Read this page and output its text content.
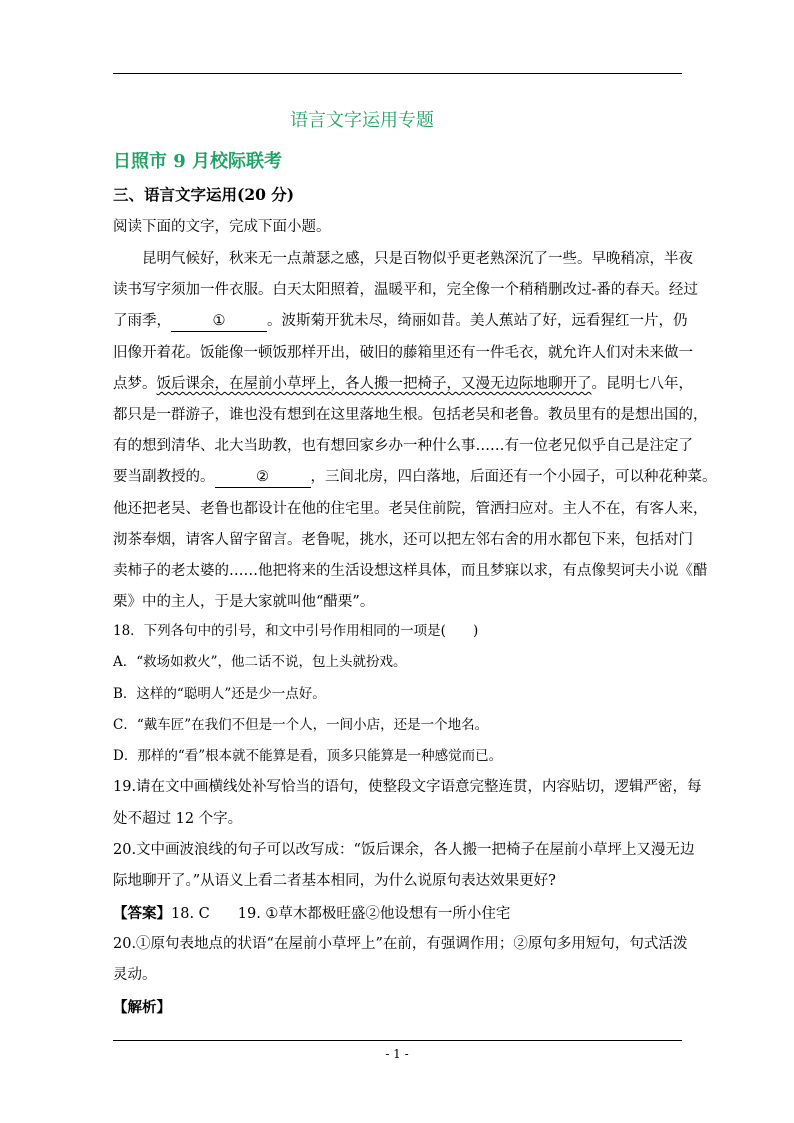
语言文字运用专题
日照市 9 月校际联考
三、语言文字运用(20 分)
阅读下面的文字，完成下面小题。
昆明气候好，秋来无一点萧瑟之感，只是百物似乎更老熟深沉了一些。早晚稍凉，半夜
读书写字须加一件衣服。白天太阳照着，温暖平和，完全像一个稍稍删改过-番的春天。经过
了雨季，	①	。波斯菊开犹未尽，绮丽如昔。美人蕉站了好，远看猩红一片，仍
旧像开着花。饭能像一顿饭那样开出，破旧的藤箱里还有一件毛衣，就允许人们对未来做一
点梦。饭后课余，在屋前小草坪上，各人搬一把椅子，又漫无边际地聊开了。昆明七八年，
都只是一群游子，谁也没有想到在这里落地生根。包括老吴和老鲁。教员里有的是想出国的，
有的想到清华、北大当助教，也有想回家乡办一种什么事……有一位老兄似乎自己是注定了
要当副教授的。	②	，三间北房，四白落地，后面还有一个小园子，可以种花种菜。
他还把老吴、老鲁也都设计在他的住宅里。老吴住前院，管洒扫应对。主人不在，有客人来，
沏茶奉烟，请客人留字留言。老鲁呢，挑水，还可以把左邻右舍的用水都包下来，包括对门
卖柿子的老太婆的……他把将来的生活设想这样具体，而且梦寐以求，有点像契诃夫小说《醋
栗》中的主人，于是大家就叫他“醋栗”。
18．下列各句中的引号，和文中引号作用相同的一项是(　　)
A．“救场如救火”，他二话不说，包上头就扮戏。
B．这样的“聪明人”还是少一点好。
C．“戴车匠”在我们不但是一个人，一间小店，还是一个地名。
D．那样的“看”根本就不能算是看，顶多只能算是一种感觉而已。
19.请在文中画横线处补写恰当的语句，使整段文字语意完整连贯，内容贴切，逻辑严密，每
处不超过 12 个字。
20.文中画波浪线的句子可以改写成：“饭后课余，各人搬一把椅子在屋前小草坪上又漫无边
际地聊开了。”从语义上看二者基本相同，为什么说原句表达效果更好?
【答案】18. C 19. ①草木都极旺盛②他设想有一所小住宅
20.①原句表地点的状语“在屋前小草坪上”在前，有强调作用；②原句多用短句，句式活泼
灵动。
【解析】
- 1 -
